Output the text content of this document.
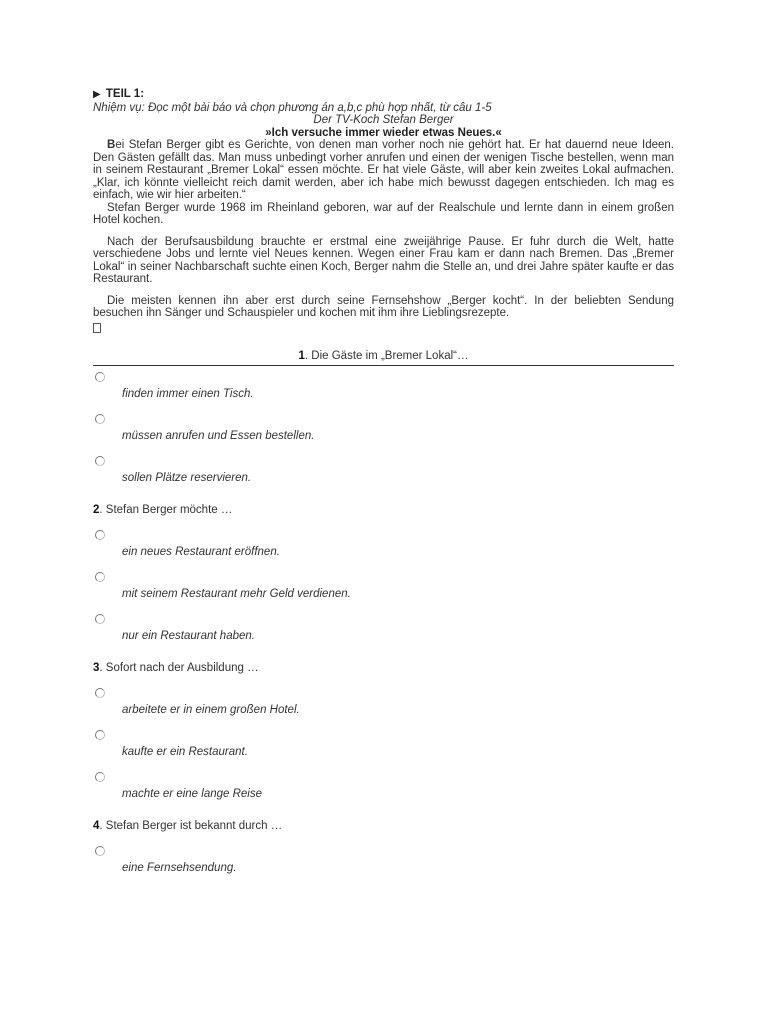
▶ TEIL 1:
Nhiệm vụ: Đọc một bài báo và chọn phương án a,b,c phù hợp nhất, từ câu 1-5
Der TV-Koch Stefan Berger
»Ich versuche immer wieder etwas Neues.«

Bei Stefan Berger gibt es Gerichte, von denen man vorher noch nie gehört hat. Er hat dauernd neue Ideen. Den Gästen gefällt das. Man muss unbedingt vorher anrufen und einen der wenigen Tische bestellen, wenn man in seinem Restaurant „Bremer Lokal“ essen möchte. Er hat viele Gäste, will aber kein zweites Lokal aufmachen. „Klar, ich könnte vielleicht reich damit werden, aber ich habe mich bewusst dagegen entschieden. Ich mag es einfach, wie wir hier arbeiten.“

Stefan Berger wurde 1968 im Rheinland geboren, war auf der Realschule und lernte dann in einem großen Hotel kochen.

Nach der Berufsausbildung brauchte er erstmal eine zweijährige Pause. Er fuhr durch die Welt, hatte verschiedene Jobs und lernte viel Neues kennen. Wegen einer Frau kam er dann nach Bremen. Das „Bremer Lokal“ in seiner Nachbarschaft suchte einen Koch, Berger nahm die Stelle an, und drei Jahre später kaufte er das Restaurant.

Die meisten kennen ihn aber erst durch seine Fernsehshow „Berger kocht“. In der beliebten Sendung besuchen ihn Sänger und Schauspieler und kochen mit ihm ihre Lieblingsrezepte.

1. Die Gäste im „Bremer Lokal“…
finden immer einen Tisch.
müssen anrufen und Essen bestellen.
sollen Plätze reservieren.
2. Stefan Berger möchte …
ein neues Restaurant eröffnen.
mit seinem Restaurant mehr Geld verdienen.
nur ein Restaurant haben.
3. Sofort nach der Ausbildung …
arbeitete er in einem großen Hotel.
kaufte er ein Restaurant.
machte er eine lange Reise
4. Stefan Berger ist bekannt durch …
eine Fernsehsendung.
